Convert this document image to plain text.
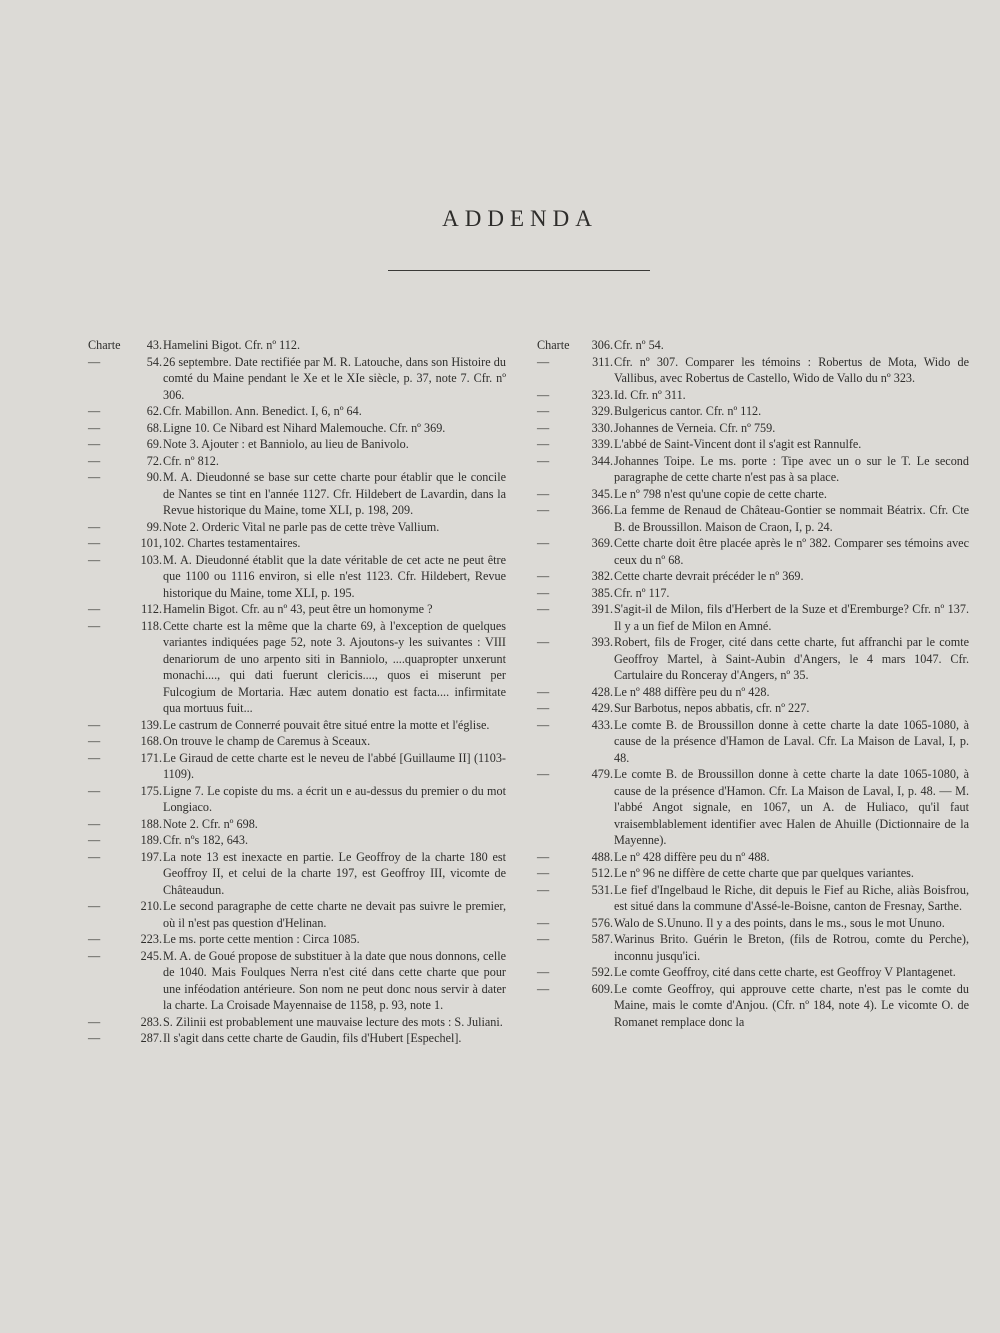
ADDENDA
Charte	43. Hamelini Bigot. Cfr. nº 112.
—	54. 26 septembre. Date rectifiée par M. R. Latouche, dans son Histoire du comté du Maine pendant le Xe et le XIe siècle, p. 37, note 7. Cfr. nº 306.
—	62. Cfr. Mabillon. Ann. Benedict. I, 6, nº 64.
—	68. Ligne 10. Ce Nibard est Nihard Malemouche. Cfr. nº 369.
—	69. Note 3. Ajouter : et Banniolo, au lieu de Banivolo.
—	72. Cfr. nº 812.
—	90. M. A. Dieudonné se base sur cette charte pour établir que le concile de Nantes se tint en l'année 1127. Cfr. Hildebert de Lavardin, dans la Revue historique du Maine, tome XLI, p. 198, 209.
—	99. Note 2. Orderic Vital ne parle pas de cette trève Vallium.
—	101, 102. Chartes testamentaires.
—	103. M. A. Dieudonné établit que la date véritable de cet acte ne peut être que 1100 ou 1116 environ, si elle n'est 1123. Cfr. Hildebert, Revue historique du Maine, tome XLI, p. 195.
—	112. Hamelin Bigot. Cfr. au nº 43, peut être un homonyme ?
—	118. Cette charte est la même que la charte 69, à l'exception de quelques variantes indiquées page 52, note 3. Ajoutons-y les suivantes : VIII denariorum de uno arpento siti in Banniolo, ....quapropter unxerunt monachi...., qui dati fuerunt clericis...., quos ei miserunt per Fulcogium de Mortaria. Hæc autem donatio est facta.... infirmitate qua mortuus fuit...
—	139. Le castrum de Connerré pouvait être situé entre la motte et l'église.
—	168. On trouve le champ de Caremus à Sceaux.
—	171. Le Giraud de cette charte est le neveu de l'abbé [Guillaume II] (1103-1109).
—	175. Ligne 7. Le copiste du ms. a écrit un e au-dessus du premier o du mot Longiaco.
—	188. Note 2. Cfr. nº 698.
—	189. Cfr. nºs 182, 643.
—	197. La note 13 est inexacte en partie. Le Geoffroy de la charte 180 est Geoffroy II, et celui de la charte 197, est Geoffroy III, vicomte de Châteaudun.
—	210. Le second paragraphe de cette charte ne devait pas suivre le premier, où il n'est pas question d'Helinan.
—	223. Le ms. porte cette mention : Circa 1085.
—	245. M. A. de Goué propose de substituer à la date que nous donnons, celle de 1040. Mais Foulques Nerra n'est cité dans cette charte que pour une inféodation antérieure. Son nom ne peut donc nous servir à dater la charte. La Croisade Mayennaise de 1158, p. 93, note 1.
—	283. S. Zilinii est probablement une mauvaise lecture des mots : S. Juliani.
—	287. Il s'agit dans cette charte de Gaudin, fils d'Hubert [Espechel].
Charte	306. Cfr. nº 54.
—	311. Cfr. nº 307. Comparer les témoins : Robertus de Mota, Wido de Vallibus, avec Robertus de Castello, Wido de Vallo du nº 323.
—	323. Id. Cfr. nº 311.
—	329. Bulgericus cantor. Cfr. nº 112.
—	330. Johannes de Verneia. Cfr. nº 759.
—	339. L'abbé de Saint-Vincent dont il s'agit est Rannulfe.
—	344. Johannes Toipe. Le ms. porte : Tipe avec un o sur le T. Le second paragraphe de cette charte n'est pas à sa place.
—	345. Le nº 798 n'est qu'une copie de cette charte.
—	366. La femme de Renaud de Château-Gontier se nommait Béatrix. Cfr. Cte B. de Broussillon. Maison de Craon, I, p. 24.
—	369. Cette charte doit être placée après le nº 382. Comparer ses témoins avec ceux du nº 68.
—	382. Cette charte devrait précéder le nº 369.
—	385. Cfr. nº 117.
—	391. S'agit-il de Milon, fils d'Herbert de la Suze et d'Eremburge? Cfr. nº 137. Il y a un fief de Milon en Amné.
—	393. Robert, fils de Froger, cité dans cette charte, fut affranchi par le comte Geoffroy Martel, à Saint-Aubin d'Angers, le 4 mars 1047. Cfr. Cartulaire du Ronceray d'Angers, nº 35.
—	428. Le nº 488 diffère peu du nº 428.
—	429. Sur Barbotus, nepos abbatis, cfr. nº 227.
—	433. Le comte B. de Broussillon donne à cette charte la date 1065-1080, à cause de la présence d'Hamon de Laval. Cfr. La Maison de Laval, I, p. 48.
—	479. Le comte B. de Broussillon donne à cette charte la date 1065-1080, à cause de la présence d'Hamon. Cfr. La Maison de Laval, I, p. 48. — M. l'abbé Angot signale, en 1067, un A. de Huliaco, qu'il faut vraisemblablement identifier avec Halen de Ahuille (Dictionnaire de la Mayenne).
—	488. Le nº 428 diffère peu du nº 488.
—	512. Le nº 96 ne diffère de cette charte que par quelques variantes.
—	531. Le fief d'Ingelbaud le Riche, dit depuis le Fief au Riche, aliàs Boisfrou, est situé dans la commune d'Assé-le-Boisne, canton de Fresnay, Sarthe.
—	576. Walo de S.Ununo. Il y a des points, dans le ms., sous le mot Ununo.
—	587. Warinus Brito. Guérin le Breton, (fils de Rotrou, comte du Perche), inconnu jusqu'ici.
—	592. Le comte Geoffroy, cité dans cette charte, est Geoffroy V Plantagenet.
—	609. Le comte Geoffroy, qui approuve cette charte, n'est pas le comte du Maine, mais le comte d'Anjou. (Cfr. nº 184, note 4). Le vicomte O. de Romanet remplace donc la
